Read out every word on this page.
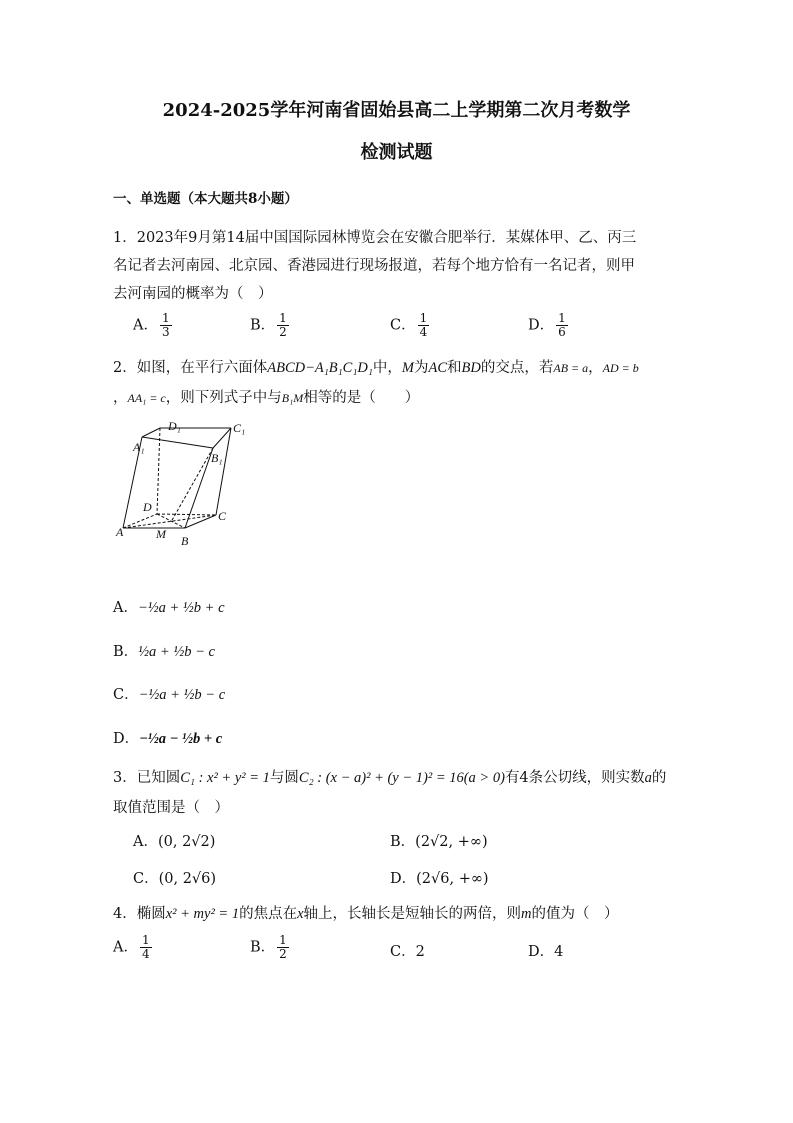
2024-2025学年河南省固始县高二上学期第二次月考数学
检测试题
一、单选题（本大题共8小题）
1．2023年9月第14届中国国际园林博览会在安徽合肥举行．某媒体甲、乙、丙三
名记者去河南园、北京园、香港园进行现场报道，若每个地方恰有一名记者，则甲
去河南园的概率为（　）
A． $\frac{1}{3}$	B． $\frac{1}{2}$	C． $\frac{1}{4}$	D． $\frac{1}{6}$
2．如图，在平行六面体ABCD−A₁B₁C₁D₁中，M为AC和BD的交点，若AB = a，AD = b
，AA₁ = c，则下列式子中与B₁M相等的是（　　）
D₁	C₁
A₁
B₁
D
C
A	M B
A．−½a + ½b + c
B．½a + ½b − c
C．−½a + ½b − c
D．−½a − ½b + c
3．已知圆C₁ : x² + y² = 1与圆C₂ : (x − a)² + (y − 1)² = 16(a > 0)有4条公切线，则实数a的
取值范围是（　）
A．(0, 2√2)	B．(2√2, +∞)
C．(0, 2√6)	D．(2√6, +∞)
4．椭圆x² + my² = 1的焦点在x轴上，长轴长是短轴长的两倍，则m的值为（　）
A． $\frac{1}{4}$	B． $\frac{1}{2}$	C．2	D．4
